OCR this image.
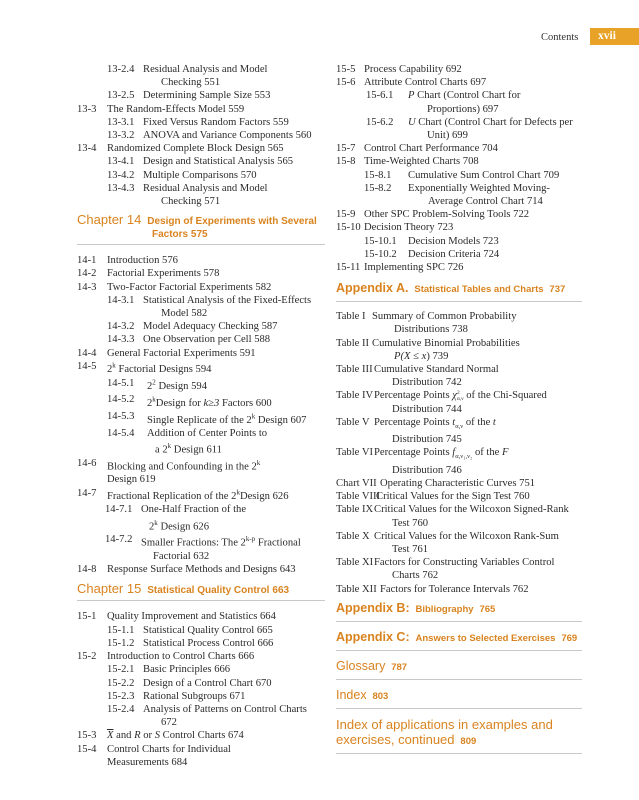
Contents	xvii
13-2.4 Residual Analysis and Model
Checking 551
13-2.5 Determining Sample Size 553
13-3 The Random-Effects Model 559
13-3.1 Fixed Versus Random Factors 559
13-3.2 ANOVA and Variance Components 560
13-4 Randomized Complete Block Design 565
13-4.1 Design and Statistical Analysis 565
13-4.2 Multiple Comparisons 570
13-4.3 Residual Analysis and Model
Checking 571
Chapter 14 Design of Experiments with Several
Factors 575
14-1 Introduction 576
14-2 Factorial Experiments 578
14-3 Two-Factor Factorial Experiments 582
14-3.1 Statistical Analysis of the Fixed-Effects
Model 582
14-3.2 Model Adequacy Checking 587
14-3.3 One Observation per Cell 588
14-4 General Factorial Experiments 591
14-5 2$^k$ Factorial Designs 594
14-5.1 $2^2$ Design 594
14-5.2 2$^k$Design for k≥3 Factors 600
14-5.3 Single Replicate of the 2$^k$ Design 607
14-5.4 Addition of Center Points to
a 2$^k$ Design 611
14-6 Blocking and Confounding in the 2$^k$
Design 619
14-7 Fractional Replication of the 2$^k$Design 626
14-7.1 One-Half Fraction of the
2$^k$ Design 626
14-7.2 Smaller Fractions: The 2$^{k-p}$ Fractional
Factorial 632
14-8 Response Surface Methods and Designs 643
Chapter 15 Statistical Quality Control 663
15-1 Quality Improvement and Statistics 664
15-1.1 Statistical Quality Control 665
15-1.2 Statistical Process Control 666
15-2 Introduction to Control Charts 666
15-2.1 Basic Principles 666
15-2.2 Design of a Control Chart 670
15-2.3 Rational Subgroups 671
15-2.4 Analysis of Patterns on Control Charts
672
15-3 $\overline{X}$ and R or S Control Charts 674
15-4 Control Charts for Individual
Measurements 684
15-5 Process Capability 692
15-6 Attribute Control Charts 697
15-6.1 P Chart (Control Chart for
Proportions) 697
15-6.2 U Chart (Control Chart for Defects per
Unit) 699
15-7 Control Chart Performance 704
15-8 Time-Weighted Charts 708
15-8.1 Cumulative Sum Control Chart 709
15-8.2 Exponentially Weighted Moving-
Average Control Chart 714
15-9 Other SPC Problem-Solving Tools 722
15-10 Decision Theory 723
15-10.1 Decision Models 723
15-10.2 Decision Criteria 724
15-11 Implementing SPC 726
Appendix A. Statistical Tables and Charts 737
Table I Summary of Common Probability
Distributions 738
Table II Cumulative Binomial Probabilities
P(X ≤ x) 739
Table III Cumulative Standard Normal
Distribution 742
Table IV Percentage Points χ 2
α,ν of the Chi-Squared
Distribution 744
Table V Percentage Points $t_{\alpha,\nu}$ of the t
Distribution 745
Table VI Percentage Points $f_{\alpha,\nu_1,\nu_2}$ of the F
Distribution 746
Chart VII Operating Characteristic Curves 751
Table VIII
Critical Values for the Sign Test 760
Table IX Critical Values for the Wilcoxon Signed-Rank
Test 760
Table X Critical Values for the Wilcoxon Rank-Sum
Test 761
Table XI Factors for Constructing Variables Control
Charts 762
Table XII Factors for Tolerance Intervals 762
Appendix B: Bibliography 765
Appendix C: Answers to Selected Exercises 769
Glossary 787
Index 803
Index of applications in examples and
exercises, continued 809
